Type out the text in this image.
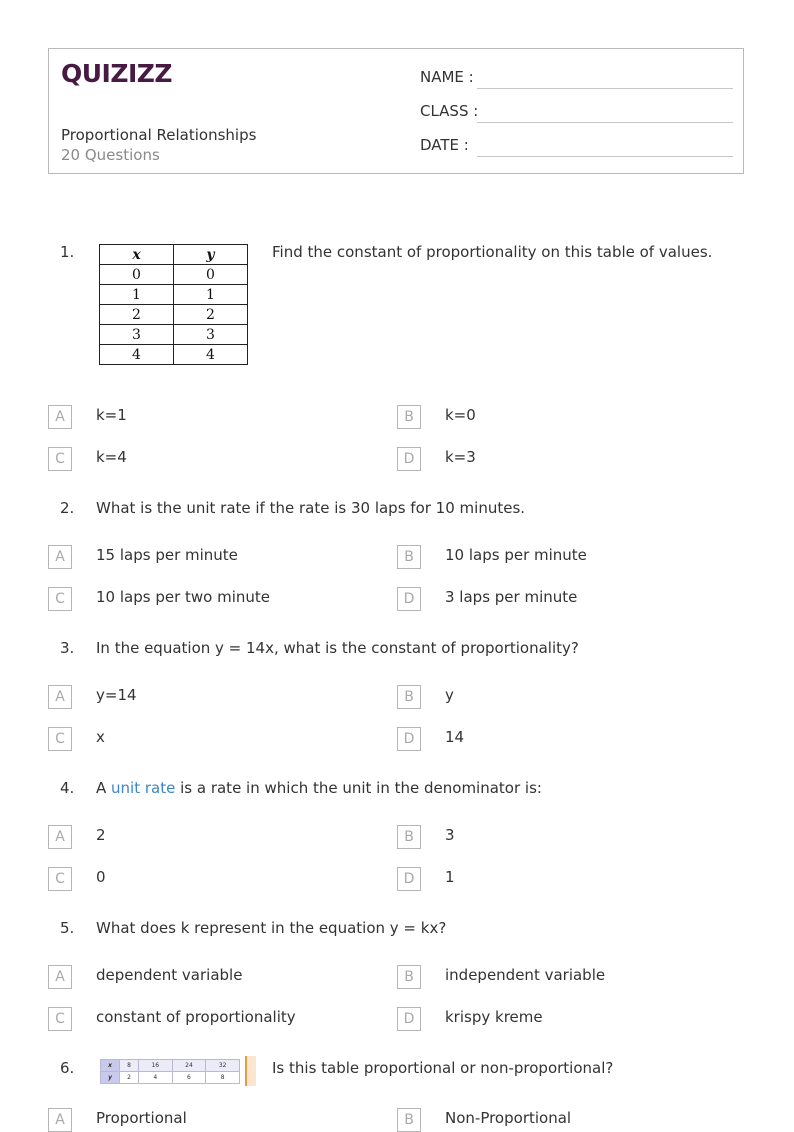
QUIZIZZ
Proportional Relationships
20 Questions
NAME :
CLASS :
DATE :
1.	x	y
0	0
1	1
2	2
3	3
4	4
Find the constant of proportionality on this table of values.
A	k=1	B	k=0
C	k=4	D	k=3
2. What is the unit rate if the rate is 30 laps for 10 minutes.
A	15 laps per minute	B	10 laps per minute
C	10 laps per two minute	D	3 laps per minute
3. In the equation y = 14x, what is the constant of proportionality?
A	y=14	B	y
C	x	D	14
4. A unit rate is a rate in which the unit in the denominator is:
A	2	B	3
C	0	D	1
5. What does k represent in the equation y = kx?
A	dependent variable	B	independent variable
C	constant of proportionality	D	krispy kreme
6.	x	8	16	24	32
y	2	4	6	8
Is this table proportional or non-proportional?
A	Proportional	B	Non-Proportional
